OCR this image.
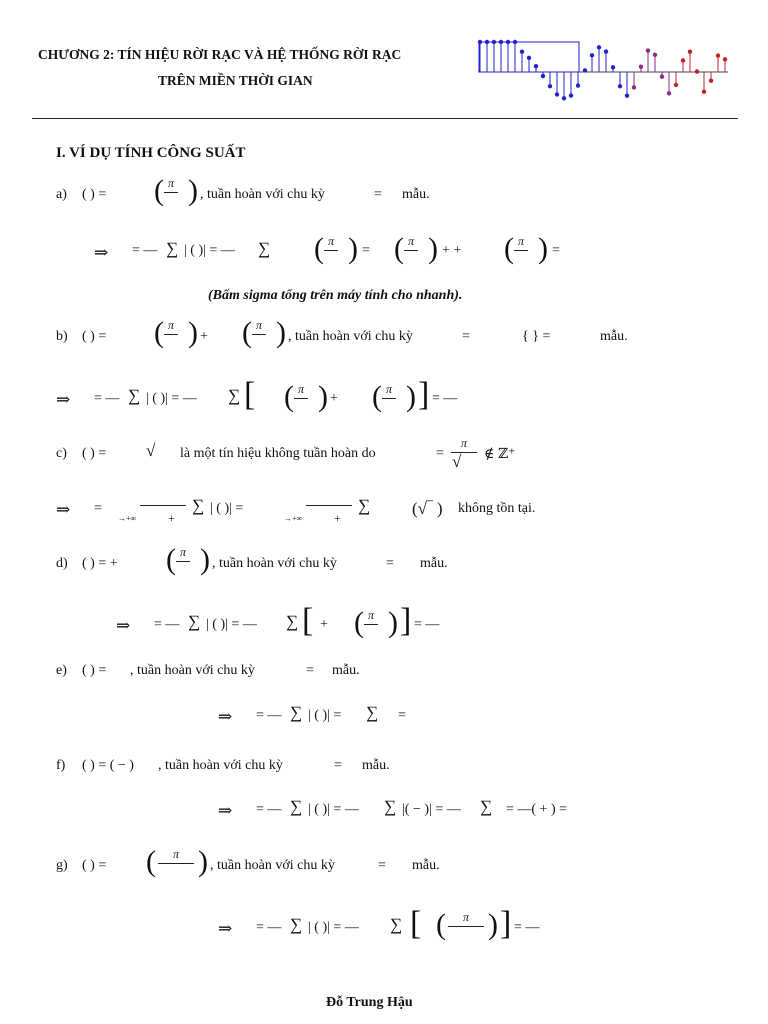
CHƯƠNG 2: TÍN HIỆU RỜI RẠC VÀ HỆ THỐNG RỜI RẠC
TRÊN MIỀN THỜI GIAN
I. VÍ DỤ TÍNH CÔNG SUẤT
a) ( ) = ( π ) , tuần hoàn với chu kỳ	= mẫu.
⇒ = — ∑ | ( )| = — ∑ ( π ) = ( π ) + + ( π ) =
(Bấm sigma tổng trên máy tính cho nhanh).
b) ( ) = ( π ) + ( π ) , tuần hoàn với chu kỳ	=	{ } =	mẫu.
⇒ = — ∑ | ( )| = — ∑ [ ( π ) + ( π ) ] = —
c) ( ) = √ là một tín hiệu không tuần hoàn do	=
π
√ ∉ ℤ⁺
⇒ =
→+∞	+
∑ | ( )| =
→+∞	+
∑ (√‾ ) không tồn tại.
d) ( ) = + ( π ) , tuần hoàn với chu kỳ	= mẫu.
⇒ = — ∑ | ( )| = — ∑ [ + ( π ) ] = —
e) ( ) = , tuần hoàn với chu kỳ	= mẫu.
⇒ = — ∑ | ( )| = ∑ =
f) ( ) = ( − ) , tuần hoàn với chu kỳ	= mẫu.
⇒ = — ∑ | ( )| = — ∑ |( − )| = — ∑ = —( + ) =
g) ( ) = (	π ) , tuần hoàn với chu kỳ	= mẫu.
⇒ = — ∑ | ( )| = — ∑ [ (	π ) ] = —
Đỗ Trung Hậu
